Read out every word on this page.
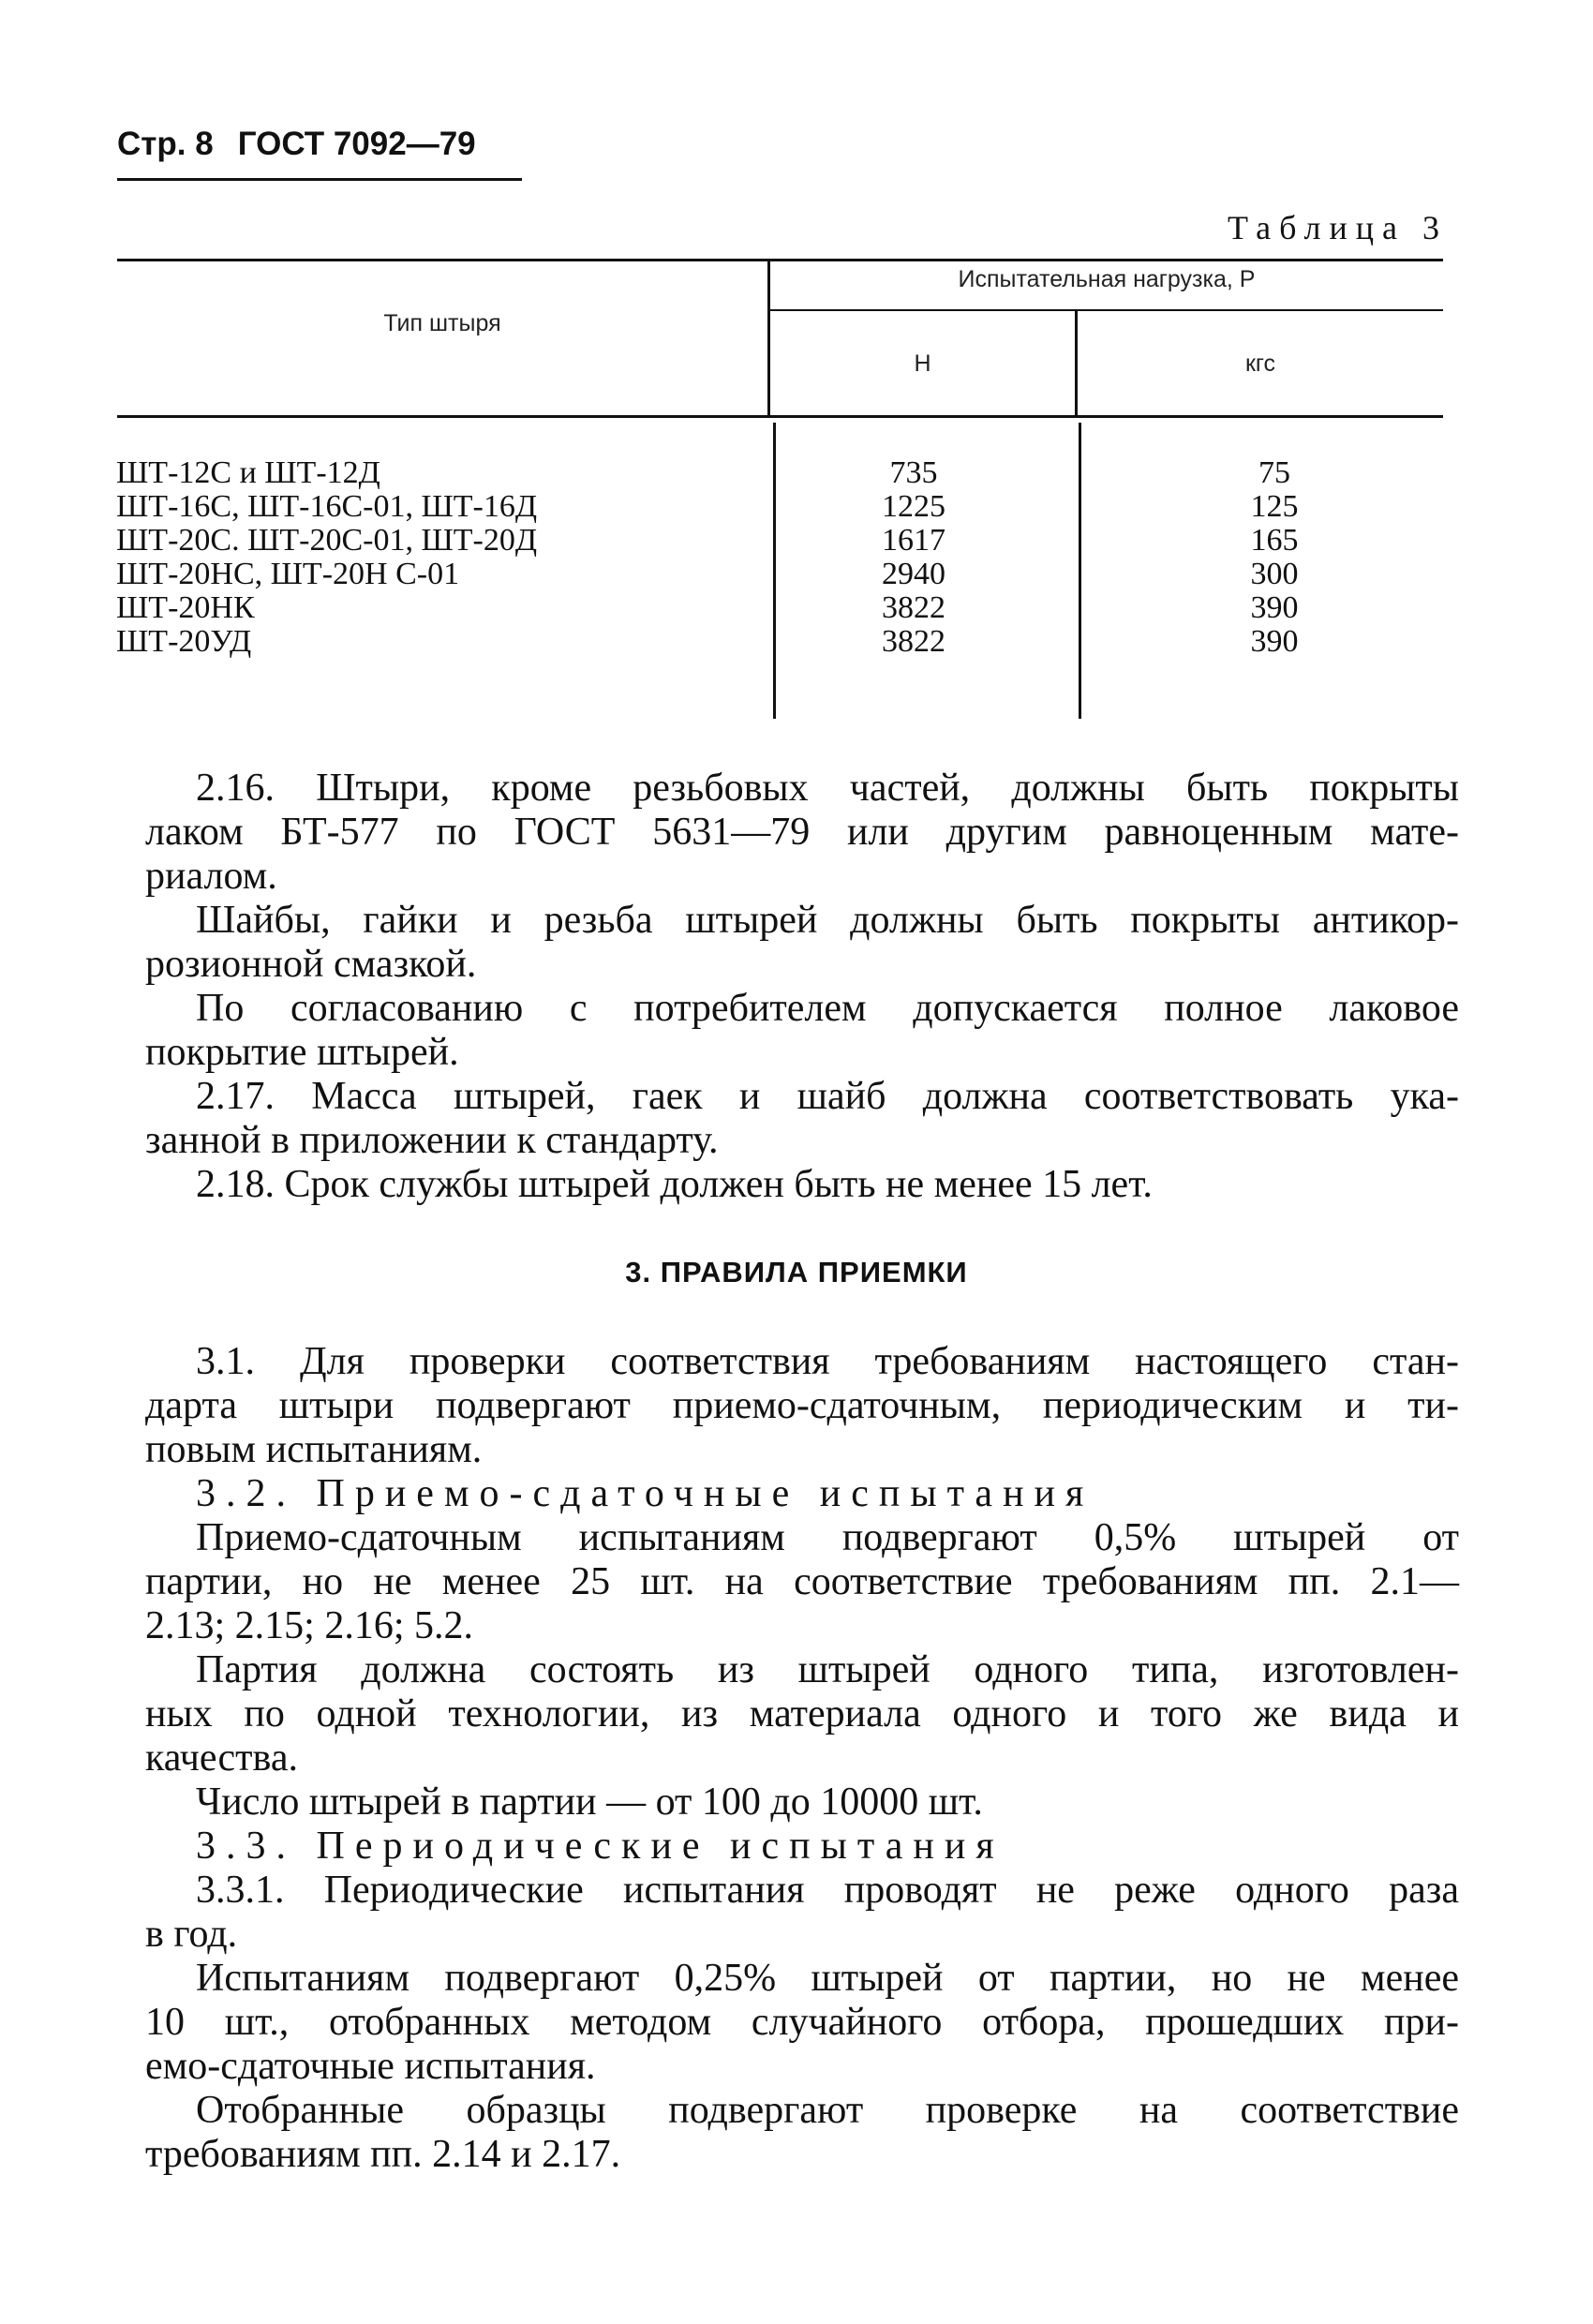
Стр. 8 ГОСТ 7092—79
Таблица 3
Тип штыря
Испытательная нагрузка, P
Н	кгс
ШТ-12С и ШТ-12Д
ШТ-16С, ШТ-16С-01, ШТ-16Д
ШТ-20С. ШТ-20С-01, ШТ-20Д
ШТ-20НС, ШТ-20Н С-01
ШТ-20НК
ШТ-20УД
735
1225
1617
2940
3822
3822
75
125
165
300
390
390
2.16. Штыри, кроме резьбовых частей, должны быть покрыты
лаком БТ-577 по ГОСТ 5631—79 или другим равноценным мате-
риалом.
Шайбы, гайки и резьба штырей должны быть покрыты антикор-
розионной смазкой.
По согласованию с потребителем допускается полное лаковое
покрытие штырей.
2.17. Масса штырей, гаек и шайб должна соответствовать ука-
занной в приложении к стандарту.
2.18. Срок службы штырей должен быть не менее 15 лет.
3. ПРАВИЛА ПРИЕМКИ
3.1. Для проверки соответствия требованиям настоящего стан-
дарта штыри подвергают приемо-сдаточным, периодическим и ти-
повым испытаниям.
3.2. Приемо-сдаточные испытания
Приемо-сдаточным испытаниям подвергают 0,5% штырей от
партии, но не менее 25 шт. на соответствие требованиям пп. 2.1—
2.13; 2.15; 2.16; 5.2.
Партия должна состоять из штырей одного типа, изготовлен-
ных по одной технологии, из материала одного и того же вида и
качества.
Число штырей в партии — от 100 до 10000 шт.
3.3. Периодические испытания
3.3.1. Периодические испытания проводят не реже одного раза
в год.
Испытаниям подвергают 0,25% штырей от партии, но не менее
10 шт., отобранных методом случайного отбора, прошедших при-
емо-сдаточные испытания.
Отобранные образцы подвергают проверке на соответствие
требованиям пп. 2.14 и 2.17.
